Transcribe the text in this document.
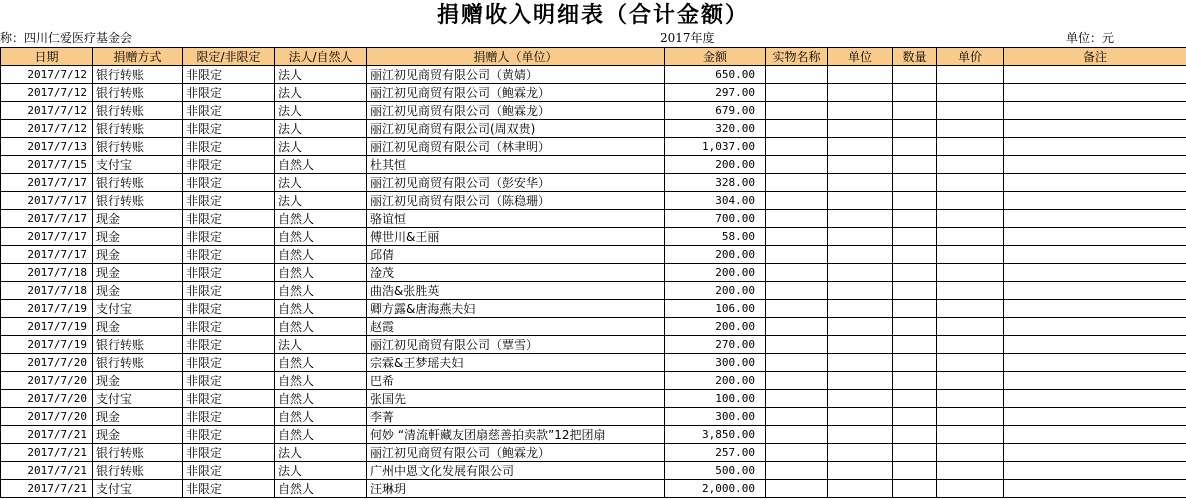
捐赠收入明细表（合计金额）
称：四川仁爱医疗基金会	2017年度	单位：元
日期	捐赠方式	限定/非限定	法人/自然人	捐赠人（单位）	金额	实物名称	单位	数量	单价	备注
2017/7/12	银行转账	非限定	法人	丽江初见商贸有限公司（黄婧）	650.00					
2017/7/12	银行转账	非限定	法人	丽江初见商贸有限公司（鲍霖龙）	297.00					
2017/7/12	银行转账	非限定	法人	丽江初见商贸有限公司（鲍霖龙）	679.00					
2017/7/12	银行转账	非限定	法人	丽江初见商贸有限公司(周双贵)	320.00					
2017/7/13	银行转账	非限定	法人	丽江初见商贸有限公司（林聿明）	1,037.00					
2017/7/15	支付宝	非限定	自然人	杜其恒	200.00					
2017/7/17	银行转账	非限定	法人	丽江初见商贸有限公司（彭安华）	328.00					
2017/7/17	银行转账	非限定	法人	丽江初见商贸有限公司（陈稳珊）	304.00					
2017/7/17	现金	非限定	自然人	骆谊恒	700.00					
2017/7/17	现金	非限定	自然人	傅世川&王丽	58.00					
2017/7/17	现金	非限定	自然人	邱倩	200.00					
2017/7/18	现金	非限定	自然人	淦茂	200.00					
2017/7/18	现金	非限定	自然人	曲浩&张胜英	200.00					
2017/7/19	支付宝	非限定	自然人	卿方露&唐海燕夫妇	106.00					
2017/7/19	现金	非限定	自然人	赵霞	200.00					
2017/7/19	银行转账	非限定	法人	丽江初见商贸有限公司（覃雪）	270.00					
2017/7/20	银行转账	非限定	自然人	宗霖&王梦瑶夫妇	300.00					
2017/7/20	现金	非限定	自然人	巴希	200.00					
2017/7/20	支付宝	非限定	自然人	张国先	100.00					
2017/7/20	现金	非限定	自然人	李菁	300.00					
2017/7/21	现金	非限定	自然人	何妙 “清流軒藏友团扇慈善拍卖款”12把团扇	3,850.00					
2017/7/21	银行转账	非限定	法人	丽江初见商贸有限公司（鲍霖龙）	257.00					
2017/7/21	银行转账	非限定	法人	广州中恩文化发展有限公司	500.00					
2017/7/21	支付宝	非限定	自然人	汪琳玥	2,000.00					
